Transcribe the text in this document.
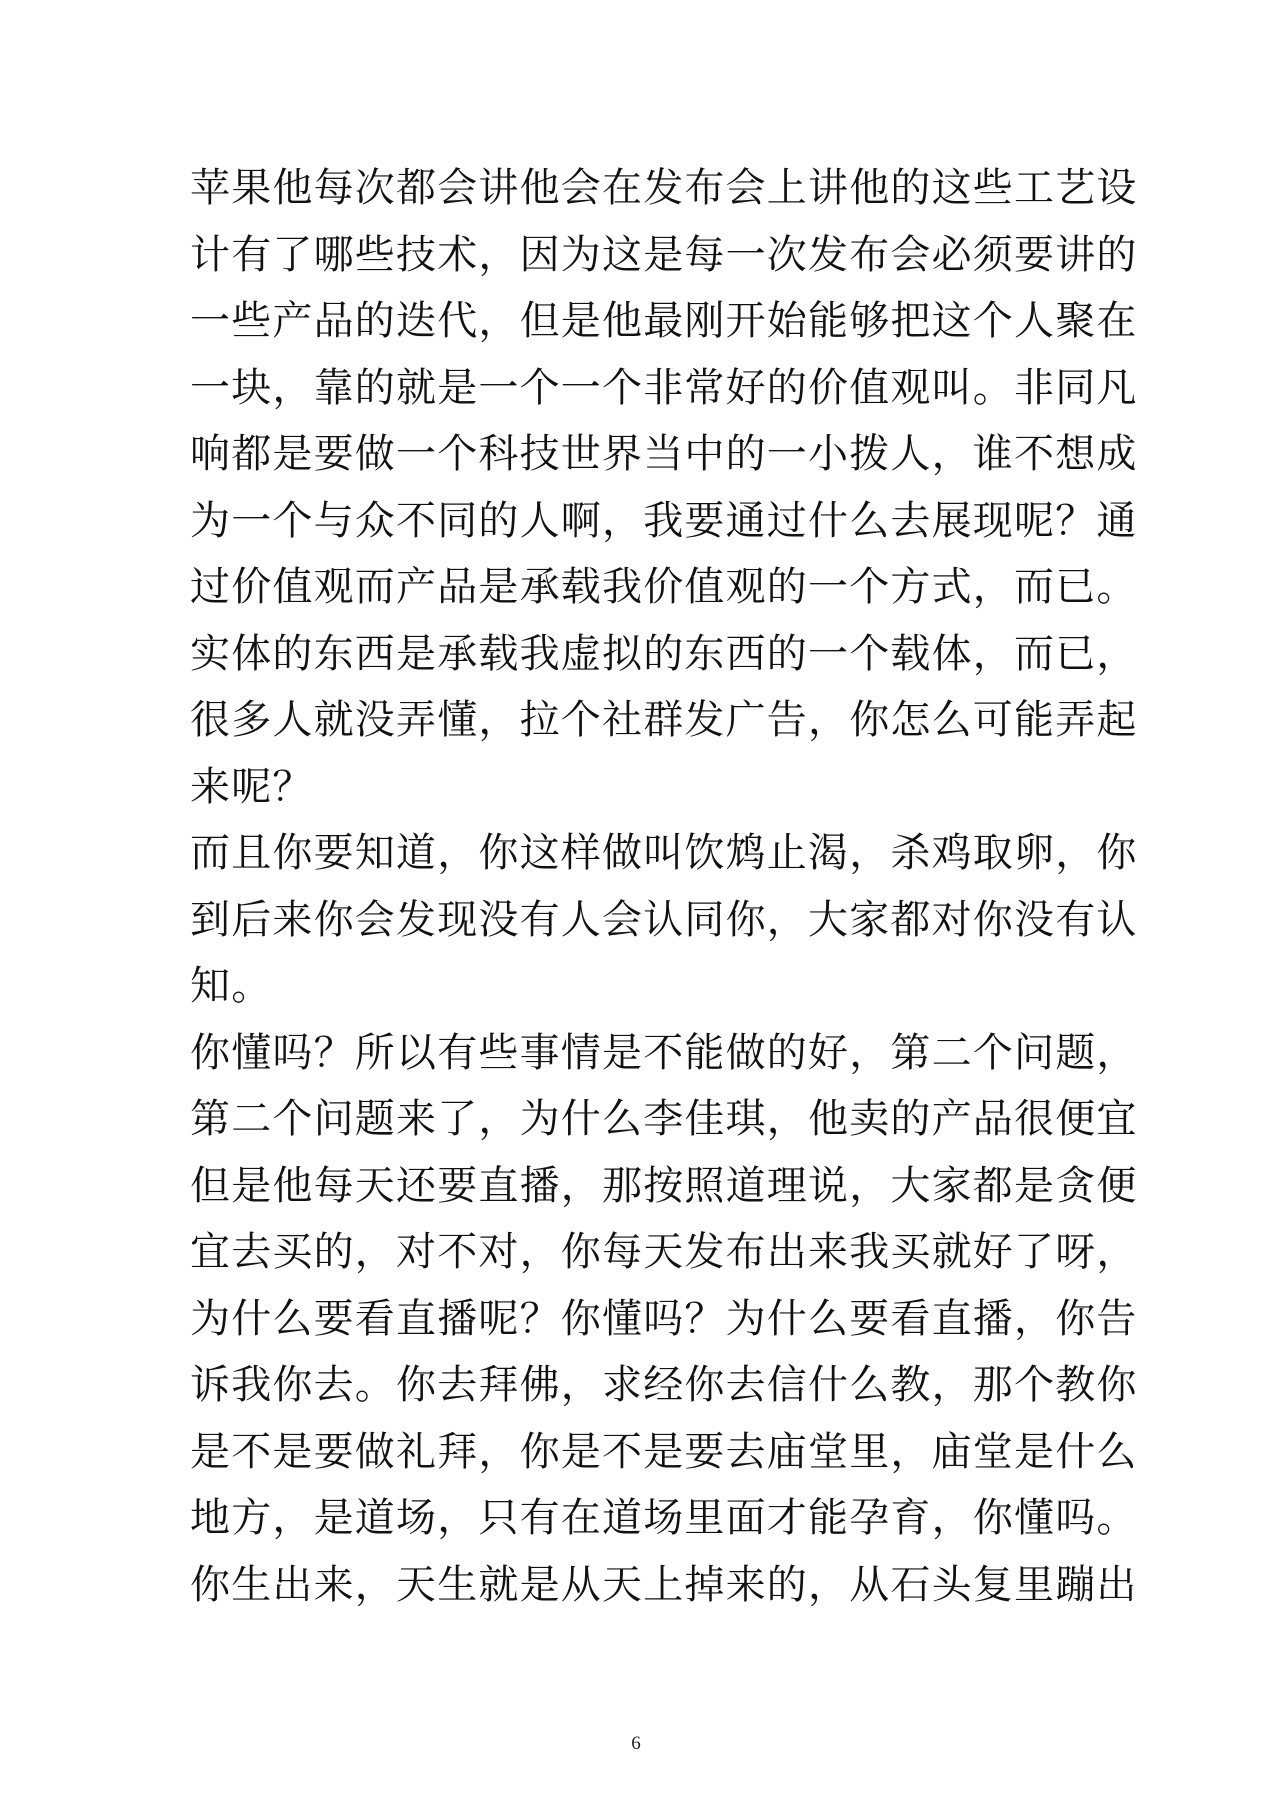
苹果他每次都会讲他会在发布会上讲他的这些工艺设
计有了哪些技术，因为这是每一次发布会必须要讲的
一些产品的迭代，但是他最刚开始能够把这个人聚在
一块，靠的就是一个一个非常好的价值观叫。非同凡
响都是要做一个科技世界当中的一小拨人，谁不想成
为一个与众不同的人啊，我要通过什么去展现呢？通
过价值观而产品是承载我价值观的一个方式，而已。
实体的东西是承载我虚拟的东西的一个载体，而已，
很多人就没弄懂，拉个社群发广告，你怎么可能弄起
来呢？
而且你要知道，你这样做叫饮鸩止渴，杀鸡取卵，你
到后来你会发现没有人会认同你，大家都对你没有认
知。
你懂吗？所以有些事情是不能做的好，第二个问题，
第二个问题来了，为什么李佳琪，他卖的产品很便宜
但是他每天还要直播，那按照道理说，大家都是贪便
宜去买的，对不对，你每天发布出来我买就好了呀，
为什么要看直播呢？你懂吗？为什么要看直播，你告
诉我你去。你去拜佛，求经你去信什么教，那个教你
是不是要做礼拜，你是不是要去庙堂里，庙堂是什么
地方，是道场，只有在道场里面才能孕育，你懂吗。
你生出来，天生就是从天上掉来的，从石头复里蹦出
6
